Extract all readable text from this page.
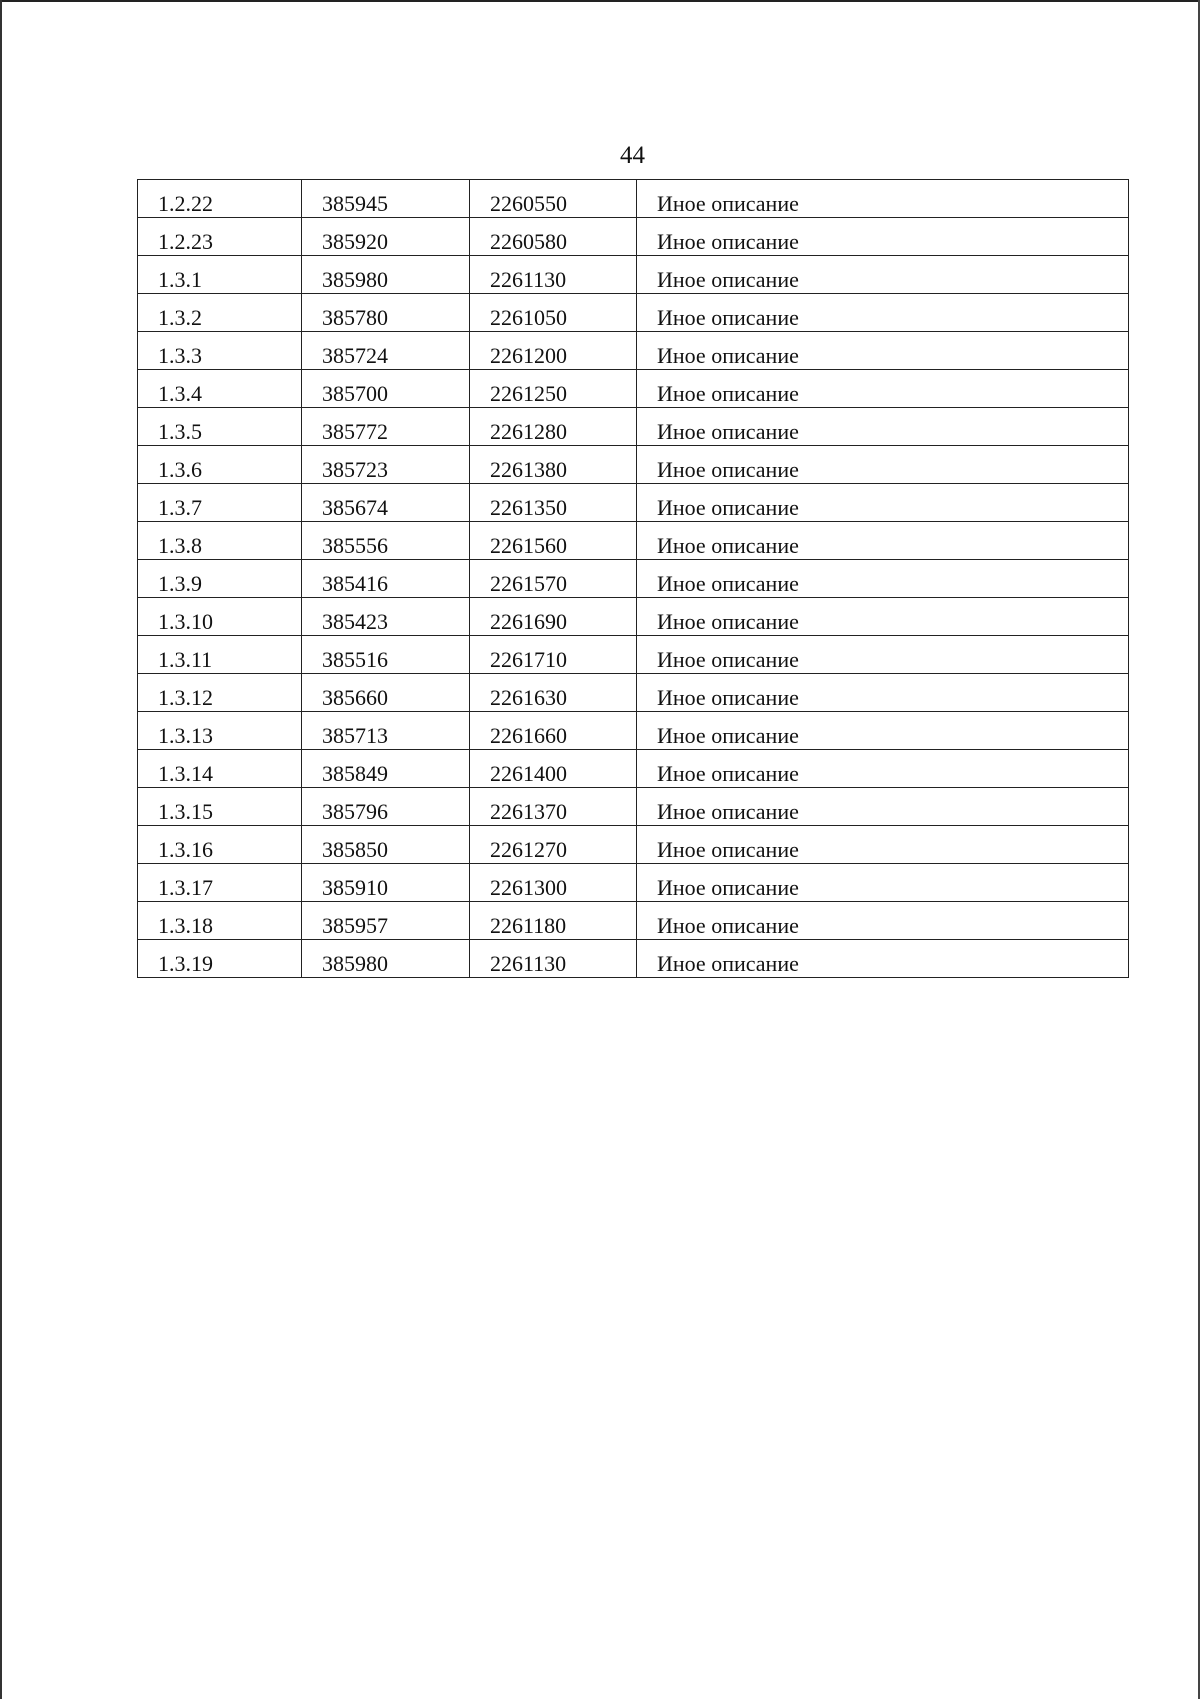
44
1.2.22	385945	2260550	Иное описание
1.2.23	385920	2260580	Иное описание
1.3.1	385980	2261130	Иное описание
1.3.2	385780	2261050	Иное описание
1.3.3	385724	2261200	Иное описание
1.3.4	385700	2261250	Иное описание
1.3.5	385772	2261280	Иное описание
1.3.6	385723	2261380	Иное описание
1.3.7	385674	2261350	Иное описание
1.3.8	385556	2261560	Иное описание
1.3.9	385416	2261570	Иное описание
1.3.10	385423	2261690	Иное описание
1.3.11	385516	2261710	Иное описание
1.3.12	385660	2261630	Иное описание
1.3.13	385713	2261660	Иное описание
1.3.14	385849	2261400	Иное описание
1.3.15	385796	2261370	Иное описание
1.3.16	385850	2261270	Иное описание
1.3.17	385910	2261300	Иное описание
1.3.18	385957	2261180	Иное описание
1.3.19	385980	2261130	Иное описание
